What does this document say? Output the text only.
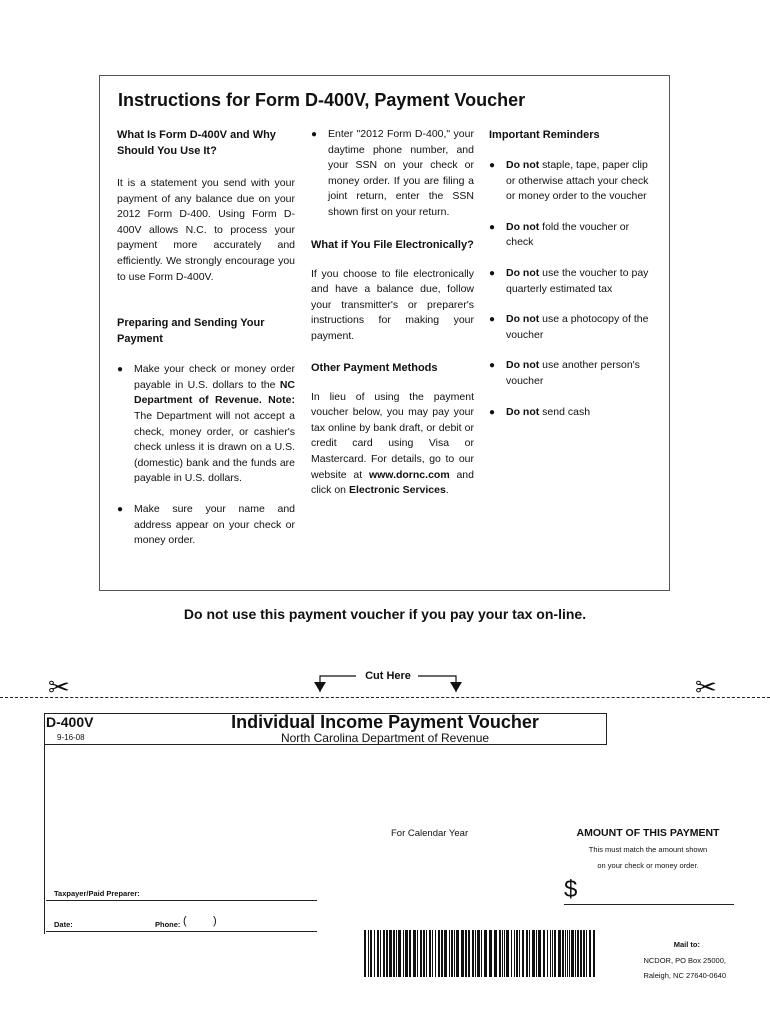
Instructions for Form D-400V, Payment Voucher
What Is Form D-400V and Why Should You Use It?

It is a statement you send with your payment of any balance due on your 2012 Form D-400. Using Form D-400V allows N.C. to process your payment more accurately and efficiently. We strongly encourage you to use Form D-400V.

Preparing and Sending Your Payment
● Make your check or money order payable in U.S. dollars to the NC Department of Revenue. Note: The Department will not accept a check, money order, or cashier's check unless it is drawn on a U.S. (domestic) bank and the funds are payable in U.S. dollars.
● Make sure your name and address appear on your check or money order.
● Enter "2012 Form D-400," your daytime phone number, and your SSN on your check or money order. If you are filing a joint return, enter the SSN shown first on your return.
What if You File Electronically?

If you choose to file electronically and have a balance due, follow your transmitter's or preparer's instructions for making your payment.

Other Payment Methods

In lieu of using the payment voucher below, you may pay your tax online by bank draft, or debit or credit card using Visa or Mastercard. For details, go to our website at www.dornc.com and click on Electronic Services.

Important Reminders
● Do not staple, tape, paper clip or otherwise attach your check or money order to the voucher
● Do not fold the voucher or check
● Do not use the voucher to pay quarterly estimated tax
● Do not use a photocopy of the voucher
● Do not use another person's voucher
● Do not send cash
Do not use this payment voucher if you pay your tax on-line.
Cut Here
✂	✂
D-400V
9-16-08
Individual Income Payment Voucher
North Carolina Department of Revenue
For Calendar Year	AMOUNT OF THIS PAYMENT
This must match the amount shown
on your check or money order.
$
Taxpayer/Paid Preparer:
Date:	Phone: ( )
Mail to:
NCDOR, PO Box 25000,
Raleigh, NC 27640-0640
